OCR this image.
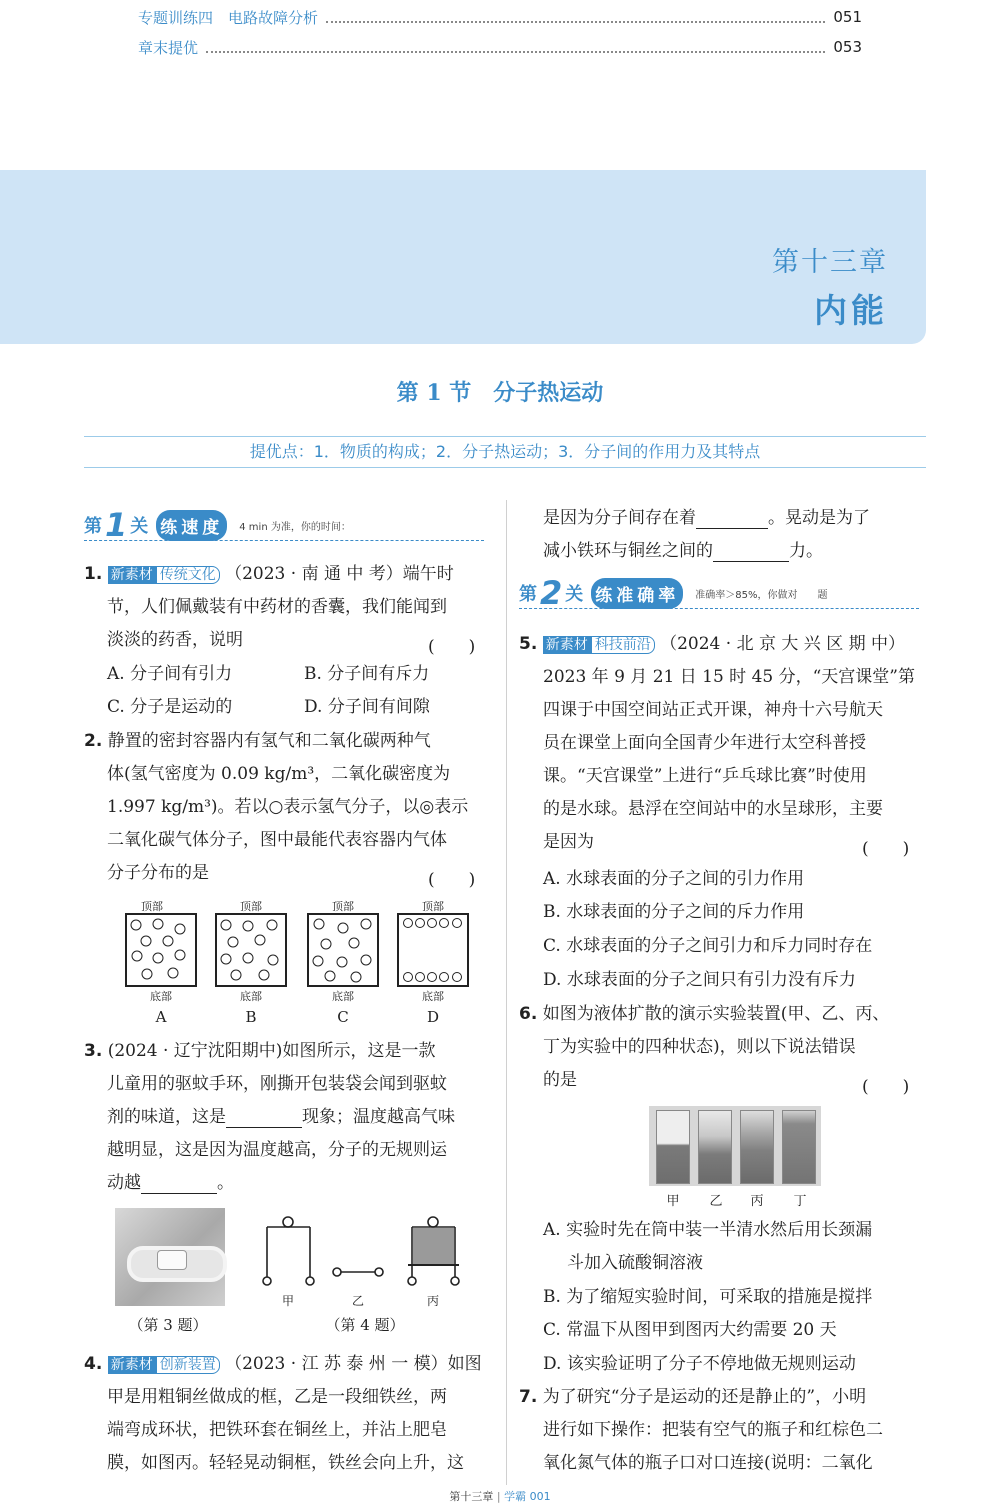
专题训练四　电路故障分析	051
章末提优	053
第十三章
内能
第 1 节　分子热运动
提优点：1．物质的构成；2．分子热运动；3．分子间的作用力及其特点
第 1 关 练速度	4 min 为准，你的时间：
1. 新素材 传统文化 （2023 · 南 通 中 考）端午时
节，人们佩戴装有中药材的香囊，我们能闻到
淡淡的药香，说明	(　　)
A. 分子间有引力	B. 分子间有斥力
C. 分子是运动的	D. 分子间有间隙
2. 静置的密封容器内有氢气和二氧化碳两种气
体(氢气密度为 0.09 kg/m³，二氧化碳密度为
1.997 kg/m³)。若以○表示氢气分子，以◎表示
二氧化碳气体分子，图中最能代表容器内气体
分子分布的是	(　　)
顶部	顶部	顶部	顶部
底部	底部	底部	底部
A	B	C	D
3. (2024 · 辽宁沈阳期中)如图所示，这是一款
儿童用的驱蚊手环，刚撕开包装袋会闻到驱蚊
剂的味道，这是	现象；温度越高气味
越明显，这是因为温度越高，分子的无规则运
动越	。
甲	乙	丙
（第 3 题）	（第 4 题）
4. 新素材 创新装置 （2023 · 江 苏 泰 州 一 模）如图
甲是用粗铜丝做成的框，乙是一段细铁丝，两
端弯成环状，把铁环套在铜丝上，并沾上肥皂
膜，如图丙。轻轻晃动铜框，铁丝会向上升，这
是因为分子间存在着	。晃动是为了
减小铁环与铜丝之间的	力。
第 2 关 练准确率	准确率＞85%，你做对　　题
5. 新素材 科技前沿 （2024 · 北 京 大 兴 区 期 中）
2023 年 9 月 21 日 15 时 45 分，“天宫课堂”第
四课于中国空间站正式开课，神舟十六号航天
员在课堂上面向全国青少年进行太空科普授
课。“天宫课堂”上进行“乒乓球比赛”时使用
的是水球。悬浮在空间站中的水呈球形，主要
是因为	(　　)
A. 水球表面的分子之间的引力作用
B. 水球表面的分子之间的斥力作用
C. 水球表面的分子之间引力和斥力同时存在
D. 水球表面的分子之间只有引力没有斥力
6. 如图为液体扩散的演示实验装置(甲、乙、丙、
丁为实验中的四种状态)，则以下说法错误
的是	(　　)
甲 乙 丙 丁
A. 实验时先在筒中装一半清水然后用长颈漏
斗加入硫酸铜溶液
B. 为了缩短实验时间，可采取的措施是搅拌
C. 常温下从图甲到图丙大约需要 20 天
D. 该实验证明了分子不停地做无规则运动
7. 为了研究“分子是运动的还是静止的”，小明
进行如下操作：把装有空气的瓶子和红棕色二
氧化氮气体的瓶子口对口连接(说明：二氧化
第十三章 | 学霸 001
